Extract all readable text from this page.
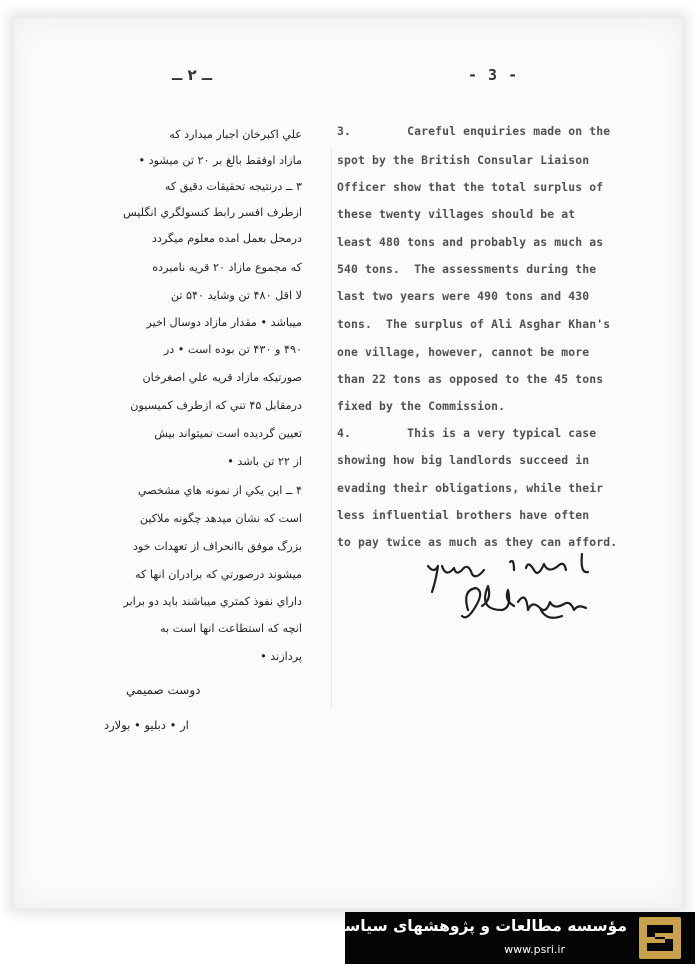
ــ ۲ ــ	- 3 -
علي اكبرخان اجبار ميدارد كه
مازاد اوفقط بالغ بر ۲۰ تن ميشود •
۳ ــ درنتيجه تحقيقات دقيق كه
ازطرف افسر رابط كنسولگري انگليس
درمحل بعمل امده معلوم ميگردد
كه مجموع مازاد ۲۰ قريه نامبرده
لا اقل ۴۸۰ تن وشايد ۵۴۰ تن
ميباشد • مقدار مازاد دوسال اخير
۴۹۰ و ۴۳۰ تن بوده است • در
صورتيكه مازاد قريه علي اصغرخان
درمقابل ۴۵ تني كه ازطرف كميسيون
تعيين گرديده است نميتواند بيش
از ۲۲ تن باشد •
۴ ــ اين يكي از نمونه هاي مشخصي
است كه نشان ميدهد چگونه ملاكين
بزرگ موفق باانحراف از تعهدات خود
ميشوند درصورتي كه برادران انها كه
داراي نفوذ كمتري ميباشند بايد دو برابر
انچه كه استطاعت انها است به
پردازند •
دوست صميمي
ار • دبليو • بولارد
3.        Careful enquiries made on the
spot by the British Consular Liaison
Officer show that the total surplus of
these twenty villages should be at
least 480 tons and probably as much as
540 tons.  The assessments during the
last two years were 490 tons and 430
tons.  The surplus of Ali Asghar Khan's
one village, however, cannot be more
than 22 tons as opposed to the 45 tons
fixed by the Commission.
4.        This is a very typical case
showing how big landlords succeed in
evading their obligations, while their
less influential brothers have often
to pay twice as much as they can afford.
مؤسسه مطالعات و پژوهشهای سیاسی
www.psri.ir
